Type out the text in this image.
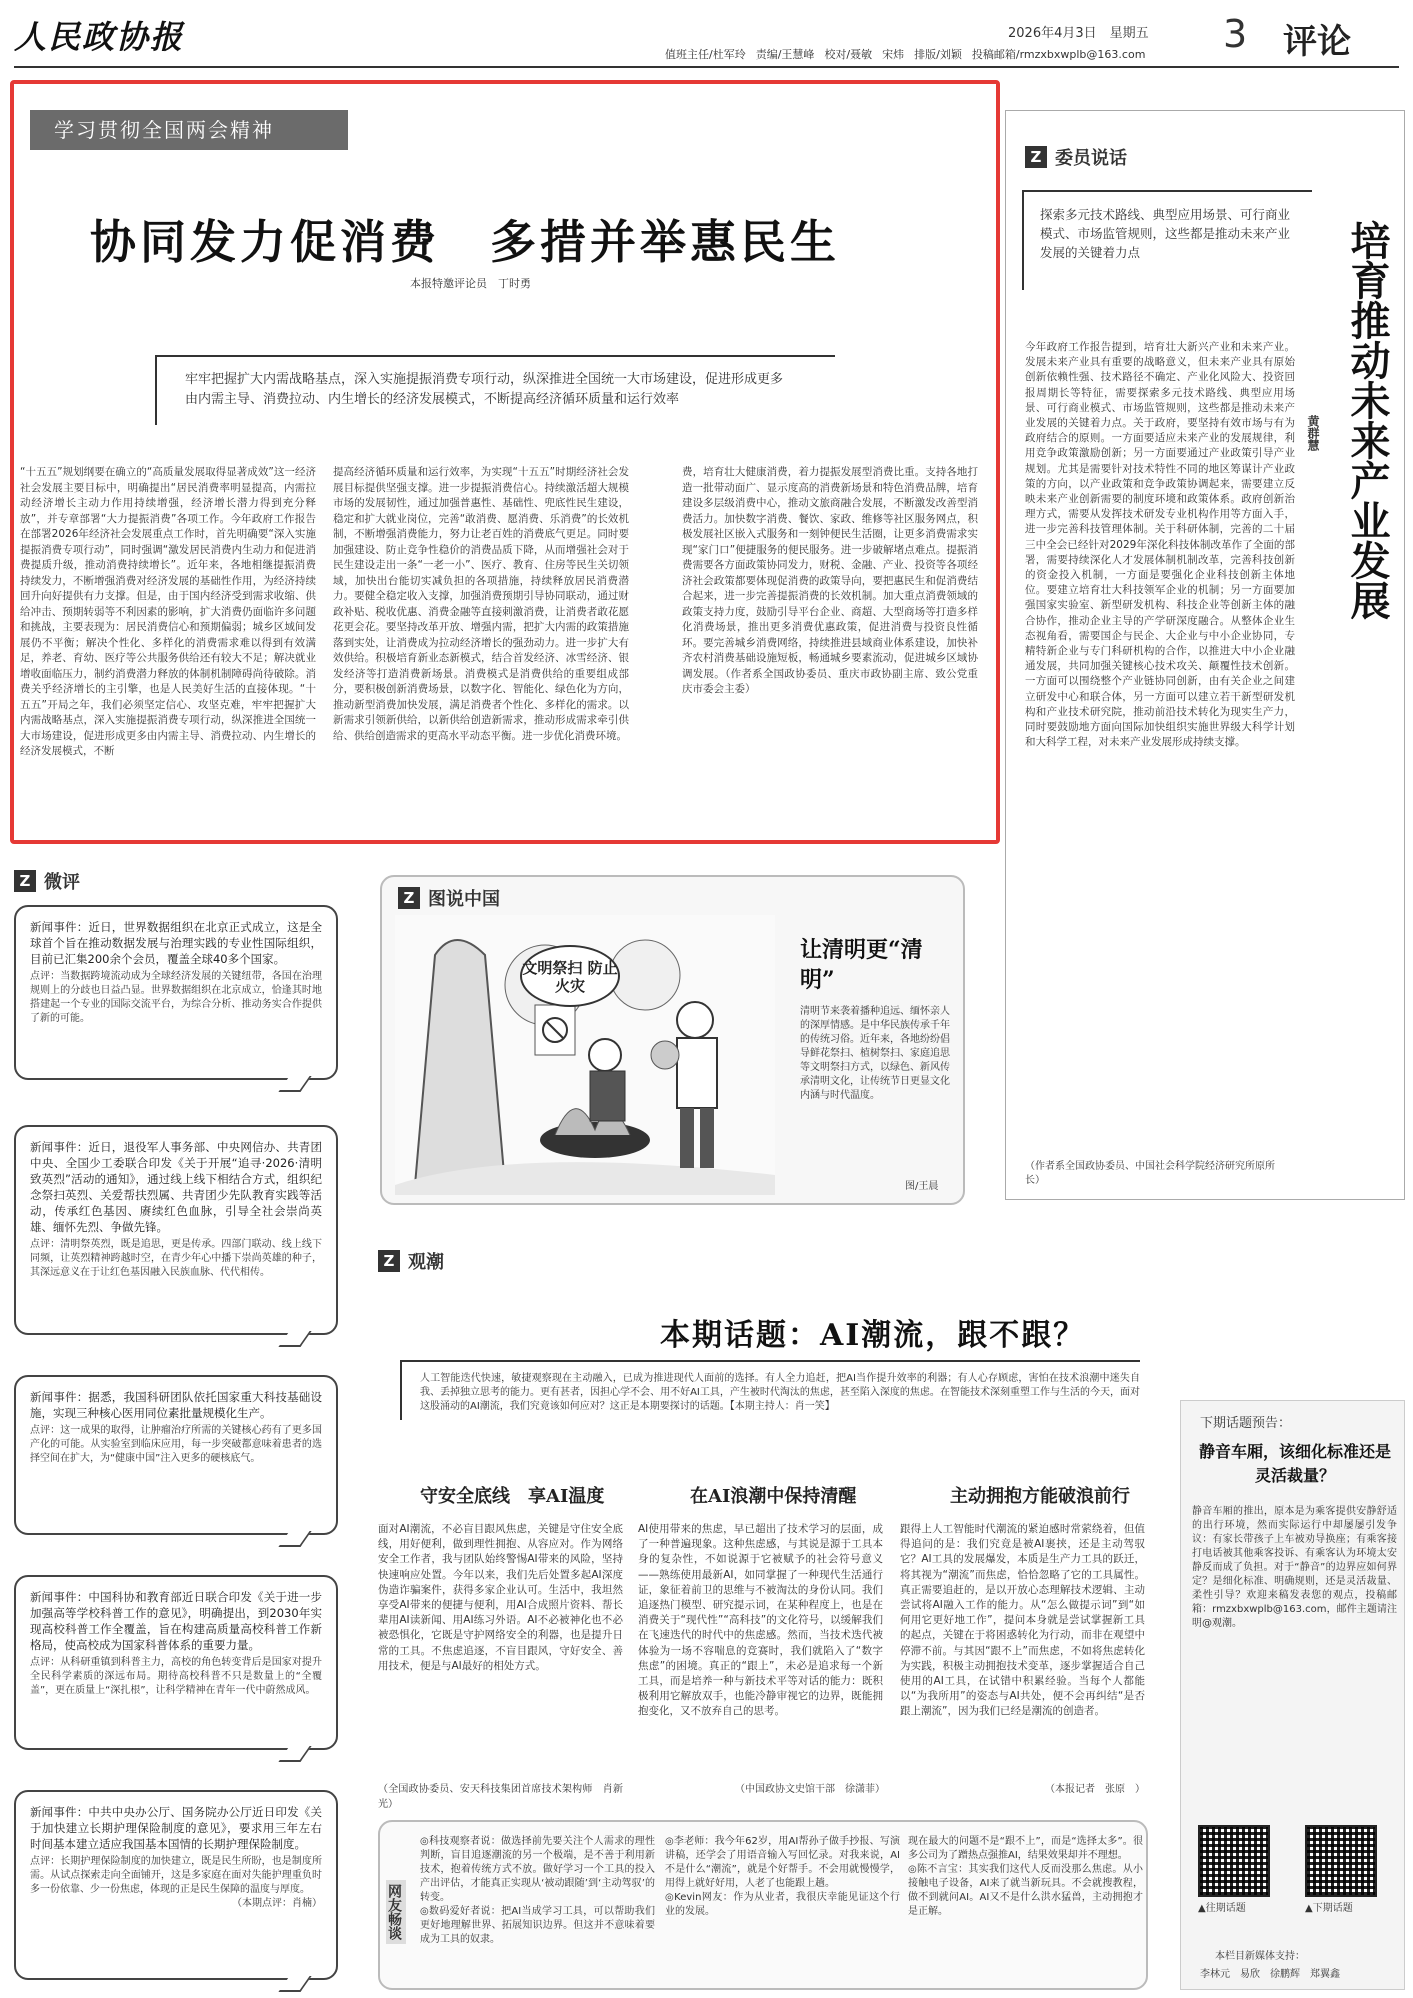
人民政协报	值班主任/杜军玲 责编/王慧峰 校对/聂敏 宋炜 排版/刘颖 投稿邮箱/rmzxbxwplb@163.com
2026年4月3日　 星期五 3 评论
学习贯彻全国两会精神
协同发力促消费　多措并举惠民生
本报特邀评论员　丁时勇
牢牢把握扩大内需战略基点，深入实施提振消费专项行动，纵深推进全国统一大市场建设，促进形成更多由内需主导、消费拉动、内生增长的经济发展模式，不断提高经济循环质量和运行效率
“十五五”规划纲要在确立的“高质量发展取得显著成效”这一经济社会发展主要目标中，明确提出“居民消费率明显提高，内需拉动经济增长主动力作用持续增强，经济增长潜力得到充分释放”，并专章部署“大力提振消费”各项工作。今年政府工作报告在部署2026年经济社会发展重点工作时，首先明确要“深入实施提振消费专项行动”，同时强调“激发居民消费内生动力和促进消费提质升级，推动消费持续增长”。近年来，各地相继提振消费持续发力，不断增强消费对经济发展的基础性作用，为经济持续回升向好提供有力支撑。但是，由于国内经济受到需求收缩、供给冲击、预期转弱等不利因素的影响，扩大消费仍面临许多问题和挑战，主要表现为：居民消费信心和预期偏弱；城乡区域间发展仍不平衡；解决个性化、多样化的消费需求难以得到有效满足，养老、育幼、医疗等公共服务供给还有较大不足；解决就业增收面临压力，制约消费潜力释放的体制机制障碍尚待破除。消费关乎经济增长的主引擎，也是人民美好生活的直接体现。“十五五”开局之年，我们必须坚定信心、攻坚克难，牢牢把握扩大内需战略基点，深入实施提振消费专项行动，纵深推进全国统一大市场建设，促进形成更多由内需主导、消费拉动、内生增长的经济发展模式，不断
提高经济循环质量和运行效率，为实现“十五五”时期经济社会发展目标提供坚强支撑。进一步提振消费信心。持续激活超大规模市场的发展韧性，通过加强普惠性、基础性、兜底性民生建设，稳定和扩大就业岗位，完善“敢消费、愿消费、乐消费”的长效机制，不断增强消费能力，努力让老百姓的消费底气更足。同时要加强建设、防止竞争性稳价的消费品质下降，从而增强社会对于民生建设走出一条“一老一小”、医疗、教育、住房等民生关切领域，加快出台能切实减负担的各项措施，持续释放居民消费潜力。要健全稳定收入支撑，加强消费预期引导协同联动，通过财政补贴、税收优惠、消费金融等直接刺激消费，让消费者敢花愿花更会花。要坚持改革开放、增强内需，把扩大内需的政策措施落到实处，让消费成为拉动经济增长的强劲动力。进一步扩大有效供给。积极培育新业态新模式，结合首发经济、冰雪经济、银发经济等打造消费新场景。消费模式是消费供给的重要组成部分，要积极创新消费场景，以数字化、智能化、绿色化为方向，推动新型消费加快发展，满足消费者个性化、多样化的需求。以新需求引领新供给，以新供给创造新需求，推动形成需求牵引供给、供给创造需求的更高水平动态平衡。进一步优化消费环境。
费，培育壮大健康消费，着力提振发展型消费比重。支持各地打造一批带动面广、显示度高的消费新场景和特色消费品牌，培育建设多层级消费中心，推动文旅商融合发展，不断激发改善型消费活力。加快数字消费、餐饮、家政、维修等社区服务网点，积极发展社区嵌入式服务和一刻钟便民生活圈，让更多消费需求实现“家门口”便捷服务的便民服务。进一步破解堵点难点。提振消费需要各方面政策协同发力，财税、金融、产业、投资等各项经济社会政策都要体现促消费的政策导向，要把惠民生和促消费结合起来，进一步完善提振消费的长效机制。加大重点消费领域的政策支持力度，鼓励引导平台企业、商超、大型商场等打造多样化消费场景，推出更多消费优惠政策，促进消费与投资良性循环。要完善城乡消费网络，持续推进县域商业体系建设，加快补齐农村消费基础设施短板，畅通城乡要素流动，促进城乡区域协调发展。（作者系全国政协委员、重庆市政协副主席、致公党重庆市委会主委）
Z 微评
新闻事件：近日，世界数据组织在北京正式成立，这是全球首个旨在推动数据发展与治理实践的专业性国际组织，目前已汇集200余个会员，覆盖全球40多个国家。
点评：当数据跨境流动成为全球经济发展的关键纽带，各国在治理规则上的分歧也日益凸显。世界数据组织在北京成立，恰逢其时地搭建起一个专业的国际交流平台，为综合分析、推动务实合作提供了新的可能。
新闻事件：近日，退役军人事务部、中央网信办、共青团中央、全国少工委联合印发《关于开展“追寻·2026·清明致英烈”活动的通知》，通过线上线下相结合方式，组织纪念祭扫英烈、关爱帮扶烈属、共青团少先队教育实践等活动，传承红色基因、赓续红色血脉，引导全社会崇尚英雄、缅怀先烈、争做先锋。
点评：清明祭英烈，既是追思，更是传承。四部门联动、线上线下同频，让英烈精神跨越时空，在青少年心中播下崇尚英雄的种子，其深远意义在于让红色基因融入民族血脉、代代相传。
新闻事件：据悉，我国科研团队依托国家重大科技基础设施，实现三种核心医用同位素批量规模化生产。
点评：这一成果的取得，让肿瘤治疗所需的关键核心药有了更多国产化的可能。从实验室到临床应用，每一步突破都意味着患者的选择空间在扩大，为“健康中国”注入更多的硬核底气。
新闻事件：中国科协和教育部近日联合印发《关于进一步加强高等学校科普工作的意见》，明确提出，到2030年实现高校科普工作全覆盖，旨在构建高质量高校科普工作新格局，使高校成为国家科普体系的重要力量。
点评：从科研重镇到科普主力，高校的角色转变背后是国家对提升全民科学素质的深远布局。期待高校科普不只是数量上的“全覆盖”，更在质量上“深扎根”，让科学精神在青年一代中蔚然成风。
新闻事件：中共中央办公厅、国务院办公厅近日印发《关于加快建立长期护理保险制度的意见》，要求用三年左右时间基本建立适应我国基本国情的长期护理保险制度。
点评：长期护理保险制度的加快建立，既是民生所盼，也是制度所需。从试点探索走向全面铺开，这是多家庭在面对失能护理重负时多一份依靠、少一份焦虑，体现的正是民生保障的温度与厚度。
（本期点评：肖楠）
Z 图说中国
文明祭扫 防止火灾
让清明更“清明”
清明节来袭着播种追远、缅怀亲人的深厚情感。是中华民族传承千年的传统习俗。近年来，各地纷纷倡导鲜花祭扫、植树祭扫、家庭追思等文明祭扫方式，以绿色、新风传承清明文化，让传统节日更显文化内涵与时代温度。
图/王晨
Z 委员说话
探索多元技术路线、典型应用场景、可行商业模式、市场监管规则，这些都是推动未来产业发展的关键着力点	培育推动未来产业发展
黄群慧
今年政府工作报告提到，培育壮大新兴产业和未来产业。发展未来产业具有重要的战略意义，但未来产业具有原始创新依赖性强、技术路径不确定、产业化风险大、投资回报周期长等特征，需要探索多元技术路线、典型应用场景、可行商业模式、市场监管规则，这些都是推动未来产业发展的关键着力点。关于政府，要坚持有效市场与有为政府结合的原则。一方面要适应未来产业的发展规律，利用竞争政策激励创新；另一方面要通过产业政策引导产业规划。尤其是需要针对技术特性不同的地区筹谋计产业政策的方向，以产业政策和竞争政策协调起来，需要建立反映未来产业创新需要的制度环境和政策体系。政府创新治理方式，需要从发挥技术研发专业机构作用等方面入手，进一步完善科技管理体制。关于科研体制，完善的二十届三中全会已经针对2029年深化科技体制改革作了全面的部署，需要持续深化人才发展体制机制改革，完善科技创新的资金投入机制，一方面是要强化企业科技创新主体地位。要建立培育壮大科技领军企业的机制；另一方面要加强国家实验室、新型研发机构、科技企业等创新主体的融合协作，推动企业主导的产学研深度融合。从整体企业生态视角看，需要国企与民企、大企业与中小企业协同，专精特新企业与专门科研机构的合作，以推进大中小企业融通发展，共同加强关键核心技术攻关、颠覆性技术创新。一方面可以围绕整个产业链协同创新，由有关企业之间建立研发中心和联合体，另一方面可以建立若干新型研发机构和产业技术研究院，推动前沿技术转化为现实生产力，同时要鼓励地方面向国际加快组织实施世界级大科学计划和大科学工程，对未来产业发展形成持续支撑。
（作者系全国政协委员、中国社会科学院经济研究所原所长）
Z 观潮
本期话题：AI潮流，跟不跟？
人工智能迭代快速，敏捷观察现在主动融入，已成为推进现代人面前的选择。有人全力追赶，把AI当作提升效率的利器；有人心存顾虑，害怕在技术浪潮中迷失自我、丢掉独立思考的能力。更有甚者，因担心学不会、用不好AI工具，产生被时代淘汰的焦虑，甚至陷入深度的焦虑。在智能技术深刻重塑工作与生活的今天，面对这股涌动的AI潮流，我们究竟该如何应对？这正是本期要探讨的话题。【本期主持人：肖一笑】
守安全底线　享AI温度
面对AI潮流，不必盲目跟风焦虑，关键是守住安全底线，用好便利，做到理性拥抱、从容应对。作为网络安全工作者，我与团队始终警惕AI带来的风险，坚持快速响应处置。今年以来，我们先后处置多起AI深度伪造诈骗案件，获得多家企业认可。生活中，我坦然享受AI带来的便捷与便利，用AI合成照片资料、帮长辈用AI读新闻、用AI练习外语。AI不必被神化也不必被恐惧化，它既是守护网络安全的利器，也是提升日常的工具。不焦虑追逐，不盲目跟风，守好安全、善用技术，便是与AI最好的相处方式。
（全国政协委员、安天科技集团首席技术架构师　肖新光）
在AI浪潮中保持清醒
AI使用带来的焦虑，早已超出了技术学习的层面，成了一种普遍现象。这种焦虑感，与其说是源于工具本身的复杂性，不如说源于它被赋予的社会符号意义——熟练使用最新AI，如同掌握了一种现代生活通行证，象征着前卫的思维与不被淘汰的身份认同。我们追逐热门模型、研究提示词，在某种程度上，也是在消费关于“现代性”“高科技”的文化符号，以缓解我们在飞速迭代的时代中的焦虑感。然而，当技术迭代被体验为一场不容喘息的竞赛时，我们就陷入了“数字焦虑”的困境。真正的“跟上”，未必是追求每一个新工具，而是培养一种与新技术平等对话的能力：既积极利用它解放双手，也能冷静审视它的边界，既能拥抱变化，又不放弃自己的思考。
（中国政协文史馆干部　徐潇菲）
主动拥抱方能破浪前行
跟得上人工智能时代潮流的紧迫感时常萦绕着，但值得追问的是：我们究竟是被AI裹挟，还是主动驾驭它？AI工具的发展爆发，本质是生产力工具的跃迁，将其视为“潮流”而焦虑，恰恰忽略了它的工具属性。真正需要追赶的，是以开放心态理解技术逻辑、主动尝试将AI融入工作的能力。从“怎么做提示词”到“如何用它更好地工作”，提问本身就是尝试掌握新工具的起点，关键在于将困惑转化为行动，而非在观望中停滞不前。与其因“跟不上”而焦虑，不如将焦虑转化为实践，积极主动拥抱技术变革，逐步掌握适合自己使用的AI工具，在试错中积累经验。当每个人都能以“为我所用”的姿态与AI共处，便不会再纠结“是否跟上潮流”，因为我们已经是潮流的创造者。
（本报记者　张原　）
网友畅谈
◎科技观察者说：做选择前先要关注个人需求的理性判断，盲目追逐潮流的另一个极端，是不善于利用新技术，抱着传统方式不放。做好学习一个工具的投入产出评估，才能真正实现从‘被动跟随’到‘主动驾驭’的转变。
◎数码爱好者说：把AI当成学习工具，可以帮助我们更好地理解世界、拓展知识边界。但这并不意味着要成为工具的奴隶。
◎李老师：我今年62岁，用AI帮孙子做手抄报、写演讲稿，还学会了用语音输入写回忆录。对我来说，AI不是什么“潮流”，就是个好帮手。不会用就慢慢学，用得上就好好用，人老了也能跟上趟。
◎Kevin网友：作为从业者，我很庆幸能见证这个行业的发展。
现在最大的问题不是“跟不上”，而是“选择太多”。很多公司为了蹭热点强推AI，结果效果却并不理想。
◎陈不言宝：其实我们这代人反而没那么焦虑。从小接触电子设备，AI来了就当新玩具。不会就搜教程，做不到就问AI。AI又不是什么洪水猛兽，主动拥抱才是正解。
下期话题预告：
静音车厢，该细化标准还是灵活裁量？
静音车厢的推出，原本是为乘客提供安静舒适的出行环境，然而实际运行中却屡屡引发争议：有家长带孩子上车被劝导换座；有乘客接打电话被其他乘客投诉、有乘客认为环境太安静反而成了负担。对于“静音”的边界应如何界定？是细化标准、明确规则，还是灵活裁量、柔性引导？欢迎来稿发表您的观点，投稿邮箱：rmzxbxwplb@163.com，邮件主题请注明@观潮。
▲往期话题	▲下期话题
本栏目新媒体支持：
李林元　易欣　徐鹏辉　郑翼鑫
